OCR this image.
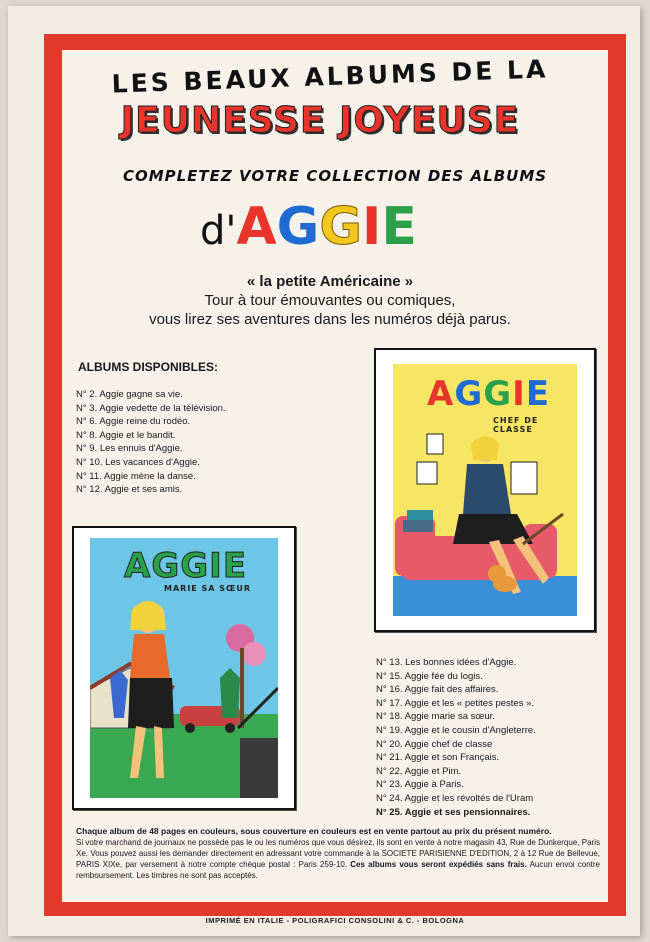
LES BEAUX ALBUMS DE LA
JEUNESSE JOYEUSE
COMPLETEZ VOTRE COLLECTION DES ALBUMS
d'AGGIE
« la petite Américaine »
Tour à tour émouvantes ou comiques,
vous lirez ses aventures dans les numéros déjà parus.
ALBUMS DISPONIBLES:
N° 2. Aggie gagne sa vie.
N° 3. Aggie vedette de la télévision.
N° 6. Aggie reine du rodéo.
N° 8. Aggie et le bandit.
N° 9. Les ennuis d'Aggie.
N° 10. Les vacances d'Aggie.
N° 11. Aggie mène la danse.
N° 12. Aggie et ses amis.
AGGIE
CHEF DE CLASSE
AGGIE
MARIE SA SŒUR
N° 13. Les bonnes idées d'Aggie.
N° 15. Aggie fée du logis.
N° 16. Aggie fait des affaires.
N° 17. Aggie et les « petites pestes ».
N° 18. Aggie marie sa sœur.
N° 19. Aggie et le cousin d'Angleterre.
N° 20. Aggie chef de classe
N° 21. Aggie et son Français.
N° 22. Aggie et Pim.
N° 23. Aggie à Paris.
N° 24. Aggie et les révoltés de l'Uram
N° 25. Aggie et ses pensionnaires.
Chaque album de 48 pages en couleurs, sous couverture en couleurs est en vente partout au prix du présent numéro.
Si votre marchand de journaux ne possède pas le ou les numéros que vous désirez, ils sont en vente à notre magasin 43, Rue de Dunkerque, Paris Xe. Vous pouvez aussi les demander directement en adressant votre commande à la SOCIETE PARISIENNE D'EDITION, 2 à 12 Rue de Bellevue, PARIS XIXe, par versement à notre compte chèque postal : Paris 259-10. Ces albums vous seront expédiés sans frais. Aucun envoi contre remboursement. Les timbres ne sont pas acceptés.
IMPRIMÉ EN ITALIE - POLIGRAFICI CONSOLINI & C. - BOLOGNA
